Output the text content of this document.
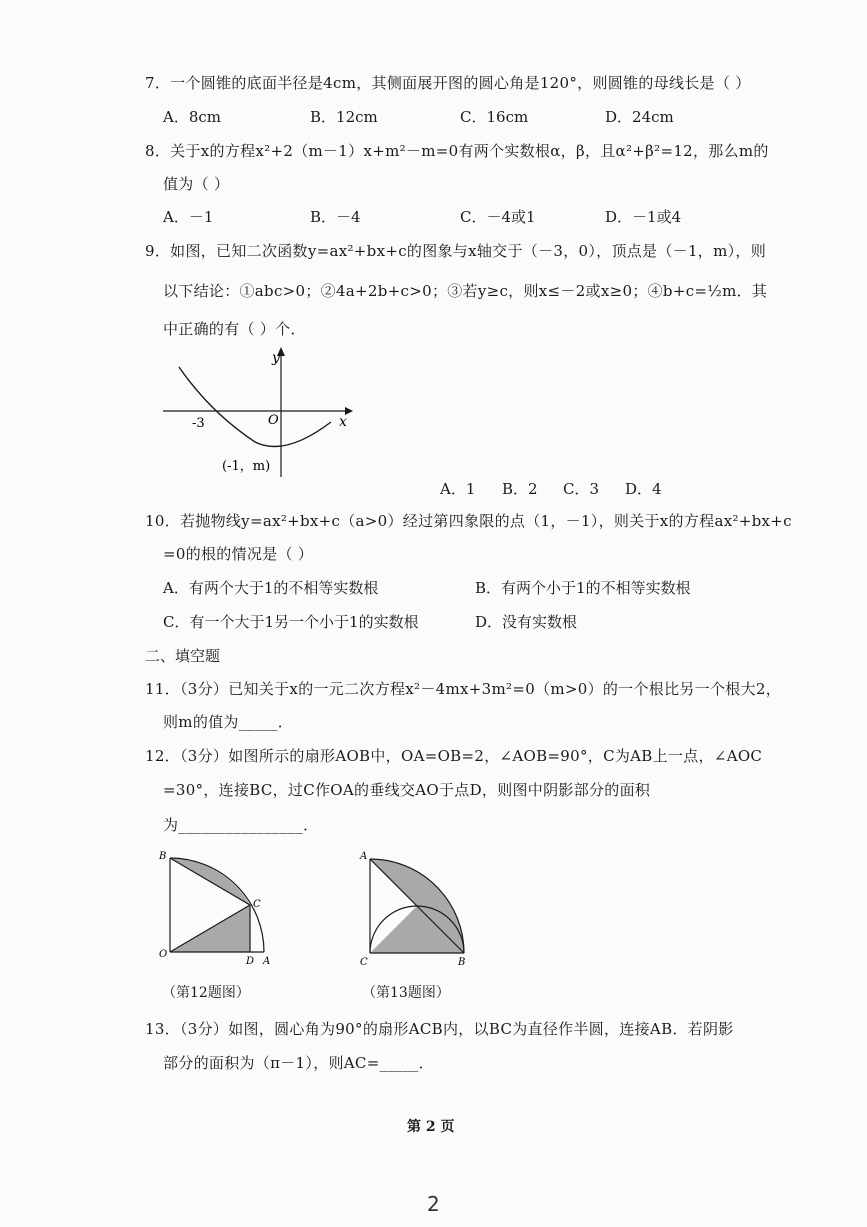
7．一个圆锥的底面半径是4cm，其侧面展开图的圆心角是120°，则圆锥的母线长是（ ）
A．8cm	B．12cm	C．16cm	D．24cm
8．关于x的方程x²+2（m－1）x+m²－m=0有两个实数根α，β，且α²+β²=12，那么m的
值为（ ）
A．－1	B．－4	C．－4或1	D．－1或4
9．如图，已知二次函数y=ax²+bx+c的图象与x轴交于（－3，0），顶点是（－1，m），则
以下结论：①abc>0；②4a+2b+c>0；③若y≥c，则x≤－2或x≥0；④b+c=½m．其
中正确的有（ ）个．
y
x
O
-3
(-1，m)
A．1 B．2 C．3 D．4
10．若抛物线y=ax²+bx+c（a>0）经过第四象限的点（1，－1），则关于x的方程ax²+bx+c
=0的根的情况是（ ）
A．有两个大于1的不相等实数根	B．有两个小于1的不相等实数根
C．有一个大于1另一个小于1的实数根	D．没有实数根
二、填空题
11．（3分）已知关于x的一元二次方程x²－4mx+3m²=0（m>0）的一个根比另一个根大2，
则m的值为_____．
12．（3分）如图所示的扇形AOB中，OA=OB=2，∠AOB=90°，C为AB上一点，∠AOC
=30°，连接BC，过C作OA的垂线交AO于点D，则图中阴影部分的面积
为________________．
B
C
O
D A
（第12题图）
A
C	B
（第13题图）
13．（3分）如图，圆心角为90°的扇形ACB内，以BC为直径作半圆，连接AB．若阴影
部分的面积为（π－1），则AC=_____．
第 2 页
2
